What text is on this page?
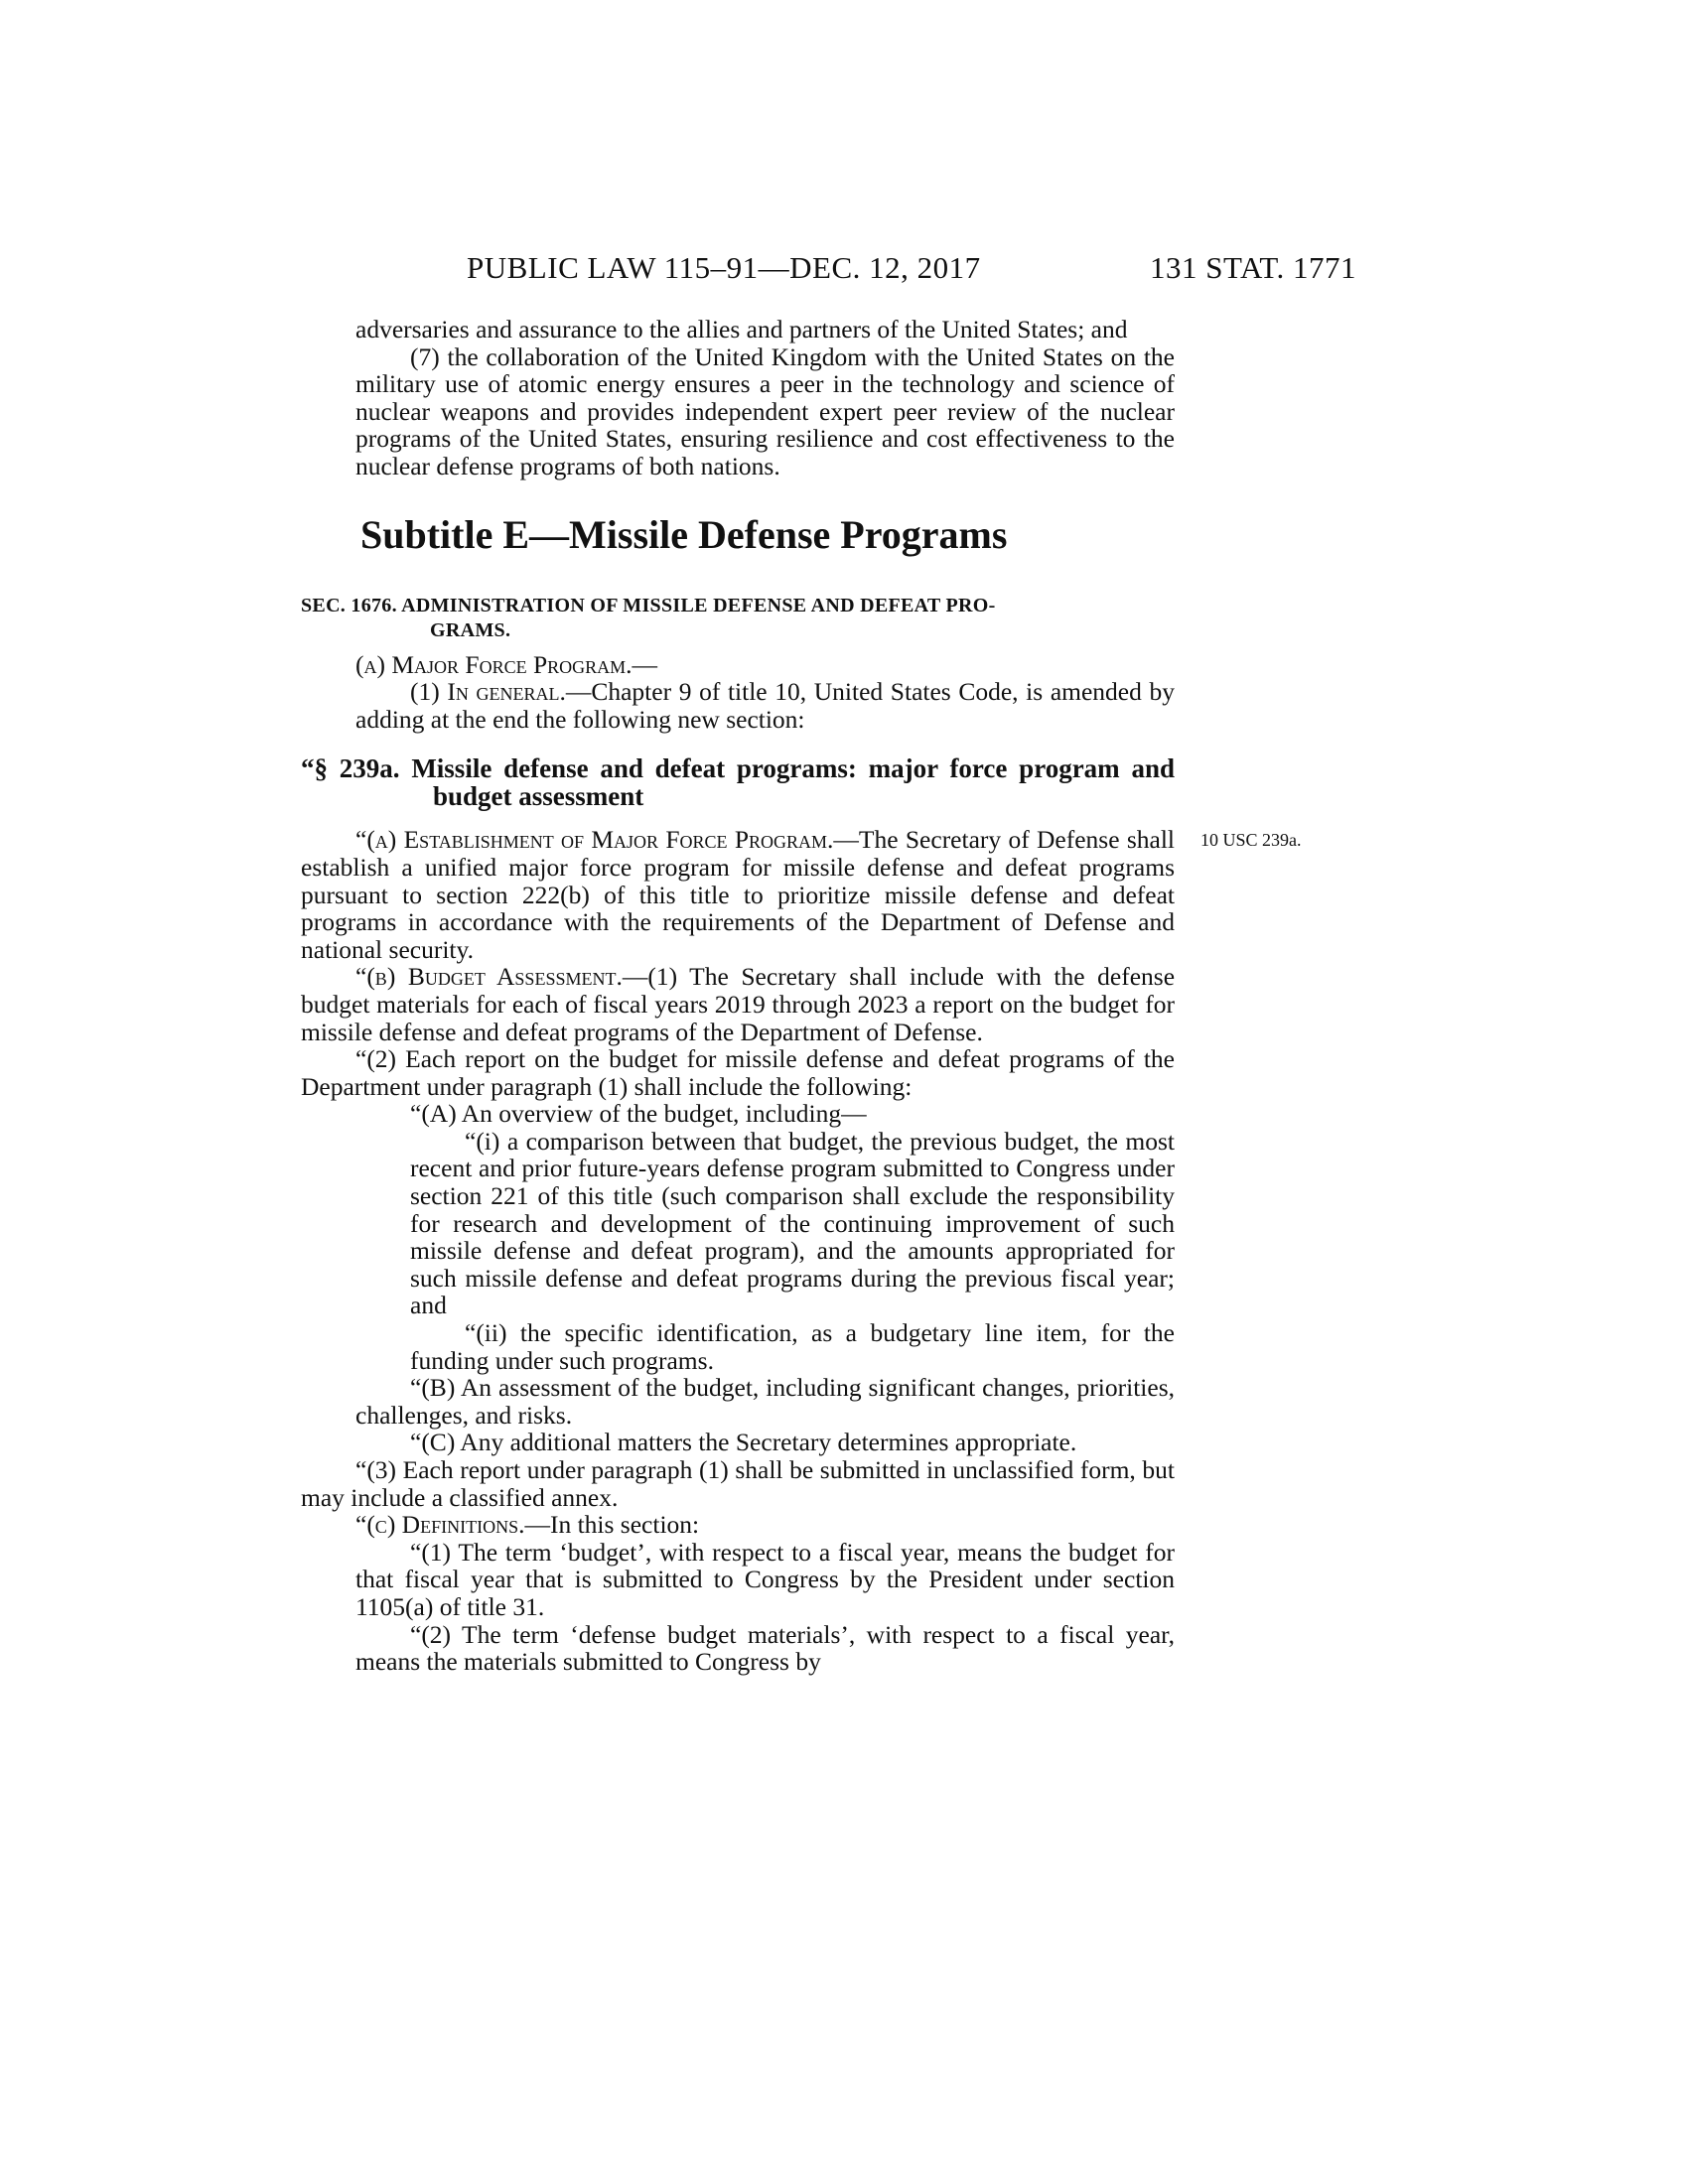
PUBLIC LAW 115–91—DEC. 12, 2017	131 STAT. 1771
10 USC 239a.

adversaries and assurance to the allies and partners of the United States; and

(7) the collaboration of the United Kingdom with the United States on the military use of atomic energy ensures a peer in the technology and science of nuclear weapons and provides independent expert peer review of the nuclear programs of the United States, ensuring resilience and cost effectiveness to the nuclear defense programs of both nations.

Subtitle E—Missile Defense Programs
SEC. 1676. ADMINISTRATION OF MISSILE DEFENSE AND DEFEAT PRO-
GRAMS.

(a) Major Force Program.—

(1) In general.—Chapter 9 of title 10, United States Code, is amended by adding at the end the following new section:

“§ 239a. Missile defense and defeat programs: major force program and budget assessment

“(a) Establishment of Major Force Program.—The Secretary of Defense shall establish a unified major force program for missile defense and defeat programs pursuant to section 222(b) of this title to prioritize missile defense and defeat programs in accordance with the requirements of the Department of Defense and national security.

“(b) Budget Assessment.—(1) The Secretary shall include with the defense budget materials for each of fiscal years 2019 through 2023 a report on the budget for missile defense and defeat programs of the Department of Defense.

“(2) Each report on the budget for missile defense and defeat programs of the Department under paragraph (1) shall include the following:

“(A) An overview of the budget, including—

“(i) a comparison between that budget, the previous budget, the most recent and prior future-years defense program submitted to Congress under section 221 of this title (such comparison shall exclude the responsibility for research and development of the continuing improvement of such missile defense and defeat program), and the amounts appropriated for such missile defense and defeat programs during the previous fiscal year; and

“(ii) the specific identification, as a budgetary line item, for the funding under such programs.

“(B) An assessment of the budget, including significant changes, priorities, challenges, and risks.

“(C) Any additional matters the Secretary determines appropriate.

“(3) Each report under paragraph (1) shall be submitted in unclassified form, but may include a classified annex.

“(c) Definitions.—In this section:

“(1) The term ‘budget’, with respect to a fiscal year, means the budget for that fiscal year that is submitted to Congress by the President under section 1105(a) of title 31.

“(2) The term ‘defense budget materials’, with respect to a fiscal year, means the materials submitted to Congress by
